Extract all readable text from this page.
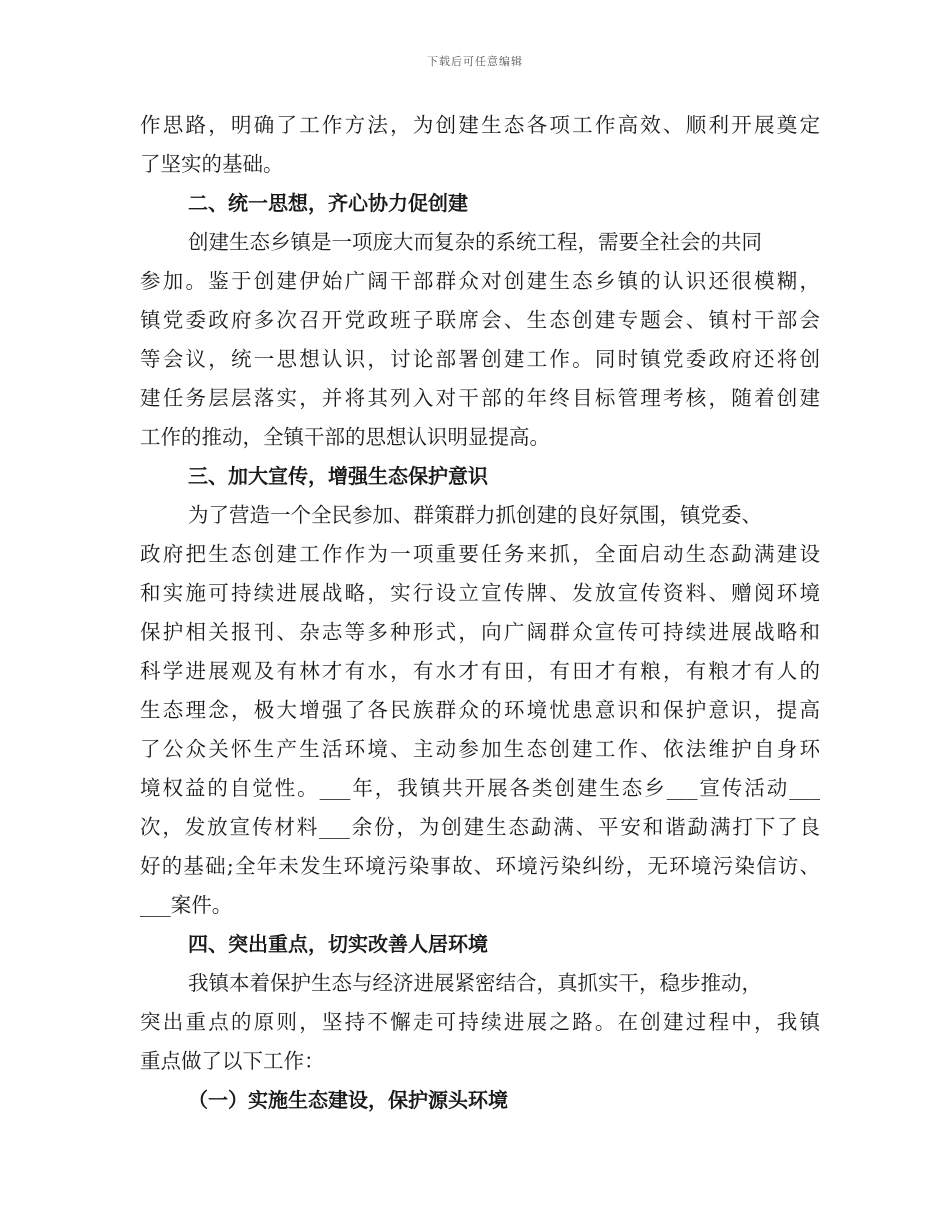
下载后可任意编辑
作思路，明确了工作方法，为创建生态各项工作高效、顺利开展奠定
了坚实的基础。
二、统一思想，齐心协力促创建
创建生态乡镇是一项庞大而复杂的系统工程，需要全社会的共同
参加。鉴于创建伊始广阔干部群众对创建生态乡镇的认识还很模糊，
镇党委政府多次召开党政班子联席会、生态创建专题会、镇村干部会
等会议，统一思想认识，讨论部署创建工作。同时镇党委政府还将创
建任务层层落实，并将其列入对干部的年终目标管理考核，随着创建
工作的推动，全镇干部的思想认识明显提高。
三、加大宣传，增强生态保护意识
为了营造一个全民参加、群策群力抓创建的良好氛围，镇党委、
政府把生态创建工作作为一项重要任务来抓，全面启动生态勐满建设
和实施可持续进展战略，实行设立宣传牌、发放宣传资料、赠阅环境
保护相关报刊、杂志等多种形式，向广阔群众宣传可持续进展战略和
科学进展观及有林才有水，有水才有田，有田才有粮，有粮才有人的
生态理念，极大增强了各民族群众的环境忧患意识和保护意识，提高
了公众关怀生产生活环境、主动参加生态创建工作、依法维护自身环
境权益的自觉性。___年，我镇共开展各类创建生态乡___宣传活动___
次，发放宣传材料___余份，为创建生态勐满、平安和谐勐满打下了良
好的基础;全年未发生环境污染事故、环境污染纠纷，无环境污染信访、
___案件。
四、突出重点，切实改善人居环境
我镇本着保护生态与经济进展紧密结合，真抓实干，稳步推动，
突出重点的原则，坚持不懈走可持续进展之路。在创建过程中，我镇
重点做了以下工作：
（一）实施生态建设，保护源头环境
